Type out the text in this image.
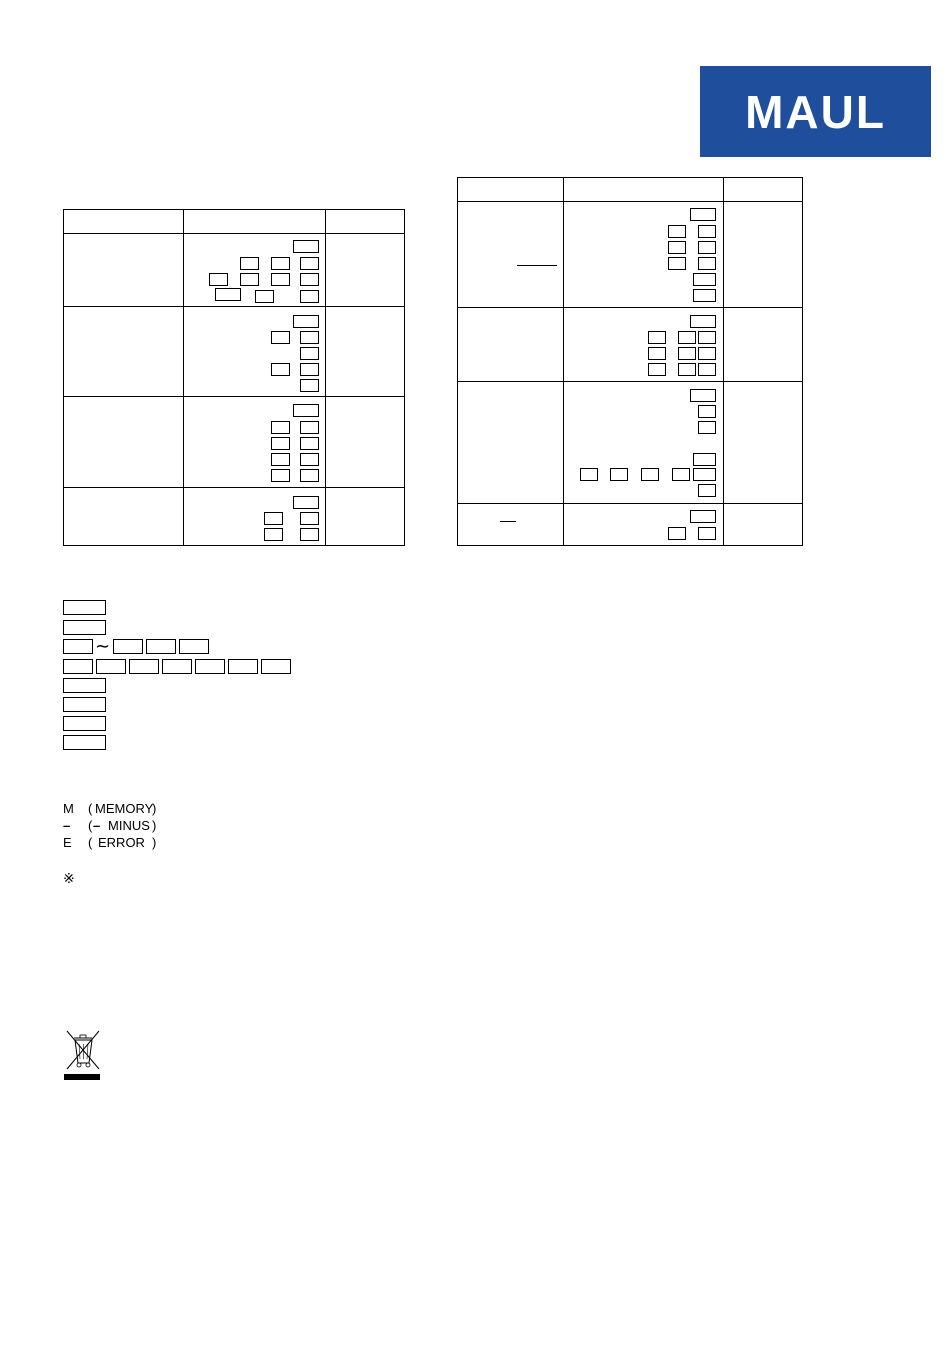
MAUL
∼
M ( MEMORY
)
– ( – MINUS )
E ( ERROR )
※
